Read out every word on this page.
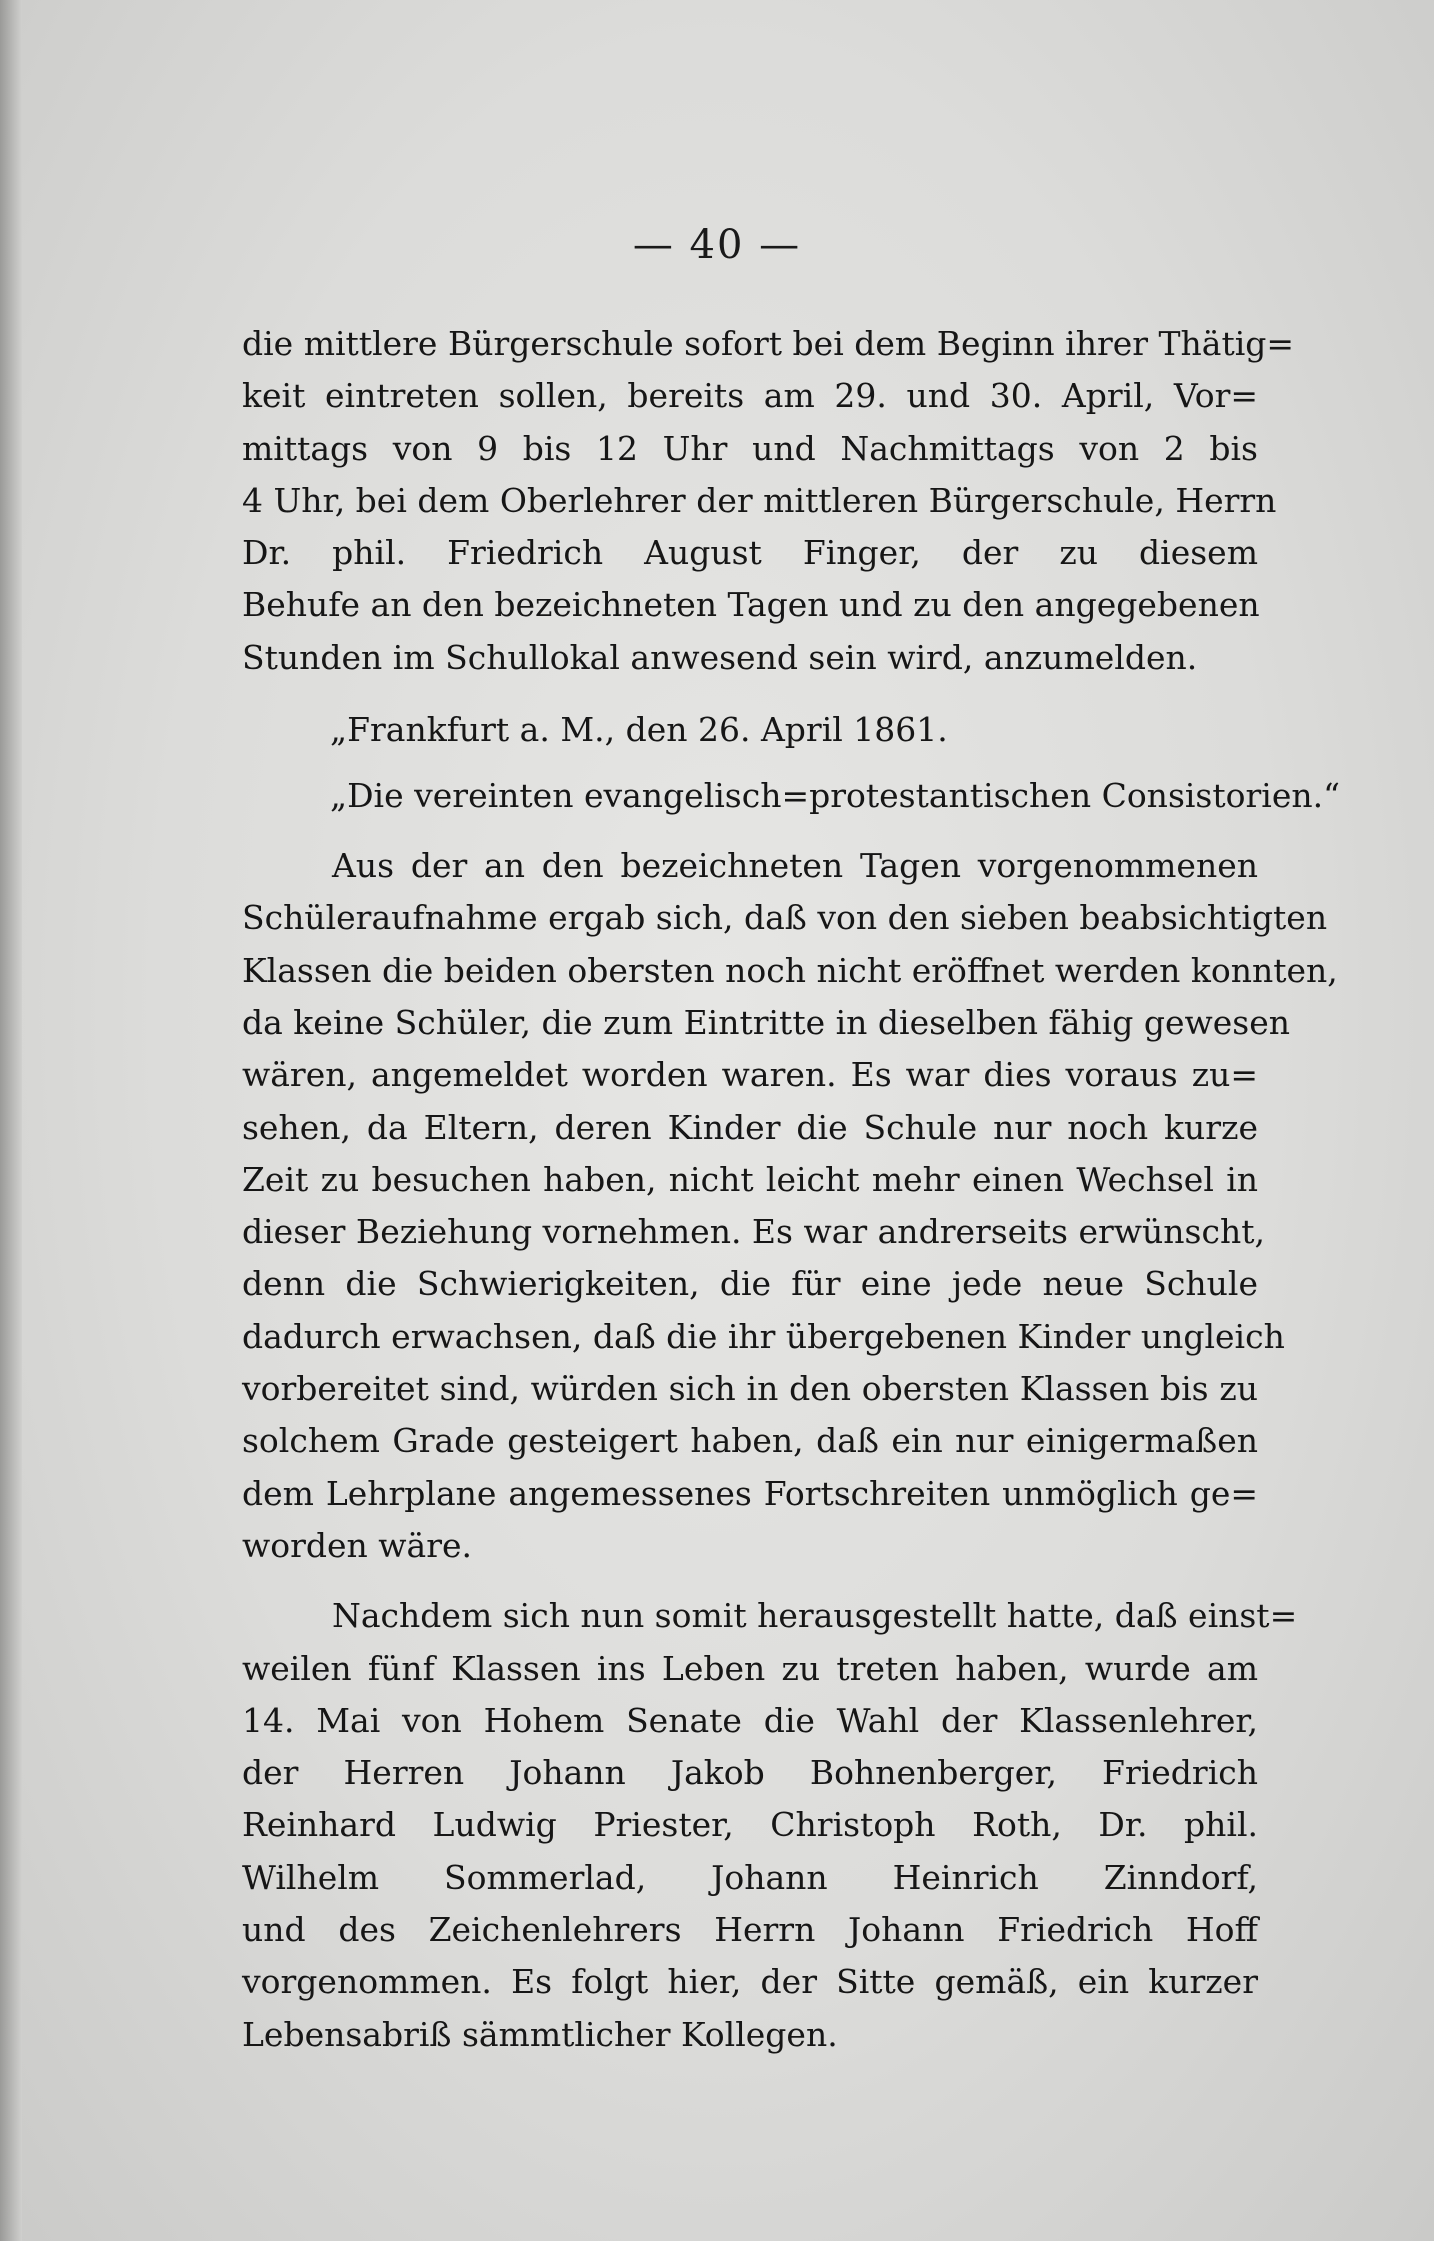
— 40 —
die mittlere Bürgerschule sofort bei dem Beginn ihrer Thätig=
keit eintreten sollen, bereits am 29. und 30. April, Vor=
mittags von 9 bis 12 Uhr und Nachmittags von 2 bis
4 Uhr, bei dem Oberlehrer der mittleren Bürgerschule, Herrn
Dr. phil. Friedrich August Finger, der zu diesem
Behufe an den bezeichneten Tagen und zu den angegebenen
Stunden im Schullokal anwesend sein wird, anzumelden.
„Frankfurt a. M., den 26. April 1861.
„Die vereinten evangelisch=protestantischen Consistorien.“
Aus der an den bezeichneten Tagen vorgenommenen
Schüleraufnahme ergab sich, daß von den sieben beabsichtigten
Klassen die beiden obersten noch nicht eröffnet werden konnten,
da keine Schüler, die zum Eintritte in dieselben fähig gewesen
wären, angemeldet worden waren. Es war dies voraus zu=
sehen, da Eltern, deren Kinder die Schule nur noch kurze
Zeit zu besuchen haben, nicht leicht mehr einen Wechsel in
dieser Beziehung vornehmen. Es war andrerseits erwünscht,
denn die Schwierigkeiten, die für eine jede neue Schule
dadurch erwachsen, daß die ihr übergebenen Kinder ungleich
vorbereitet sind, würden sich in den obersten Klassen bis zu
solchem Grade gesteigert haben, daß ein nur einigermaßen
dem Lehrplane angemessenes Fortschreiten unmöglich ge=
worden wäre.
Nachdem sich nun somit herausgestellt hatte, daß einst=
weilen fünf Klassen ins Leben zu treten haben, wurde am
14. Mai von Hohem Senate die Wahl der Klassenlehrer,
der Herren Johann Jakob Bohnenberger, Friedrich
Reinhard Ludwig Priester, Christoph Roth, Dr. phil.
Wilhelm Sommerlad, Johann Heinrich Zinndorf,
und des Zeichenlehrers Herrn Johann Friedrich Hoff
vorgenommen. Es folgt hier, der Sitte gemäß, ein kurzer
Lebensabriß sämmtlicher Kollegen.
